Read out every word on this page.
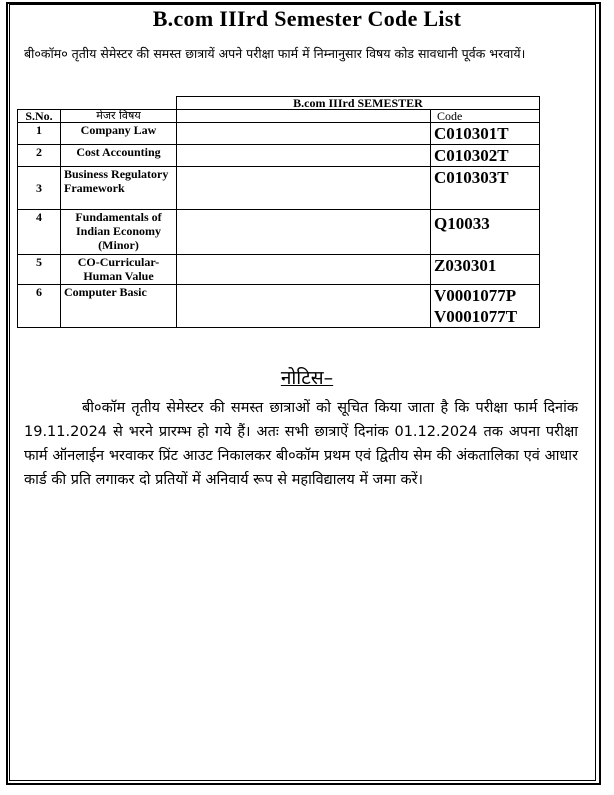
B.com IIIrd Semester Code List
बी०कॉम० तृतीय सेमेस्टर की समस्त छात्रायें अपने परीक्षा फार्म में निम्नानुसार विषय कोड सावधानी पूर्वक भरवायें।
		B.com IIIrd SEMESTER	
S.No.	मेजर विषय		Code
1	Company Law		C010301T
2	Cost Accounting		C010302T
3	Business Regulatory Framework		C010303T
4	Fundamentals of Indian Economy (Minor)		Q10033
5	CO-Curricular-Human Value		Z030301
6	Computer Basic		V0001077P
V0001077T
नोटिस–
बी०कॉम तृतीय सेमेस्टर की समस्त छात्राओं को सूचित किया जाता है कि परीक्षा फार्म दिनांक 19.11.2024 से भरने प्रारम्भ हो गये हैं। अतः सभी छात्राऐं दिनांक 01.12.2024 तक अपना परीक्षा फार्म ऑनलाईन भरवाकर प्रिंट आउट निकालकर बी०कॉम प्रथम एवं द्वितीय सेम की अंकतालिका एवं आधार कार्ड की प्रति लगाकर दो प्रतियों में अनिवार्य रूप से महाविद्यालय में जमा करें।
